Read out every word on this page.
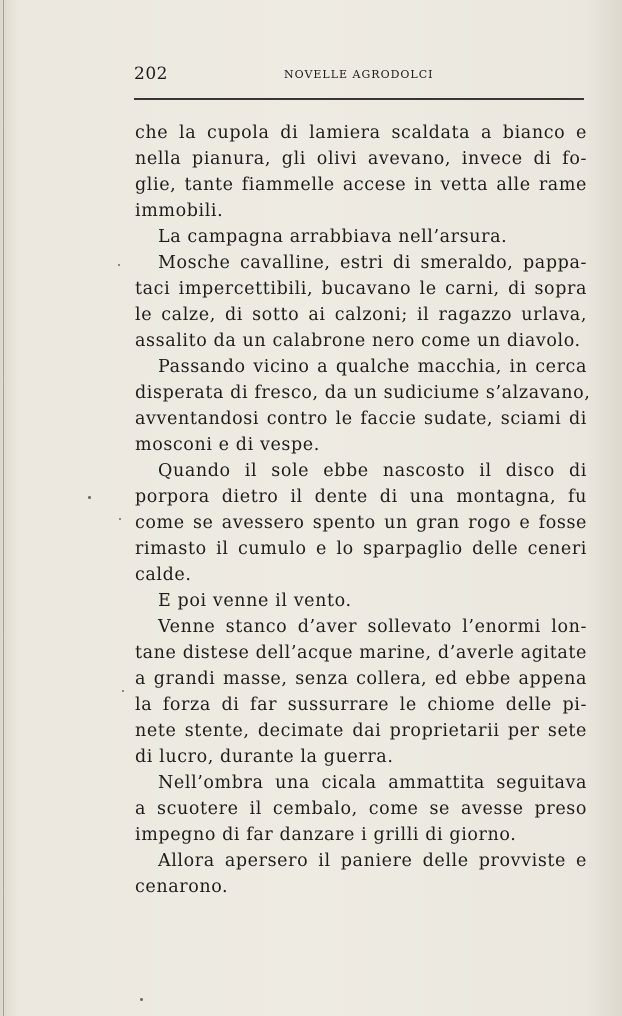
202	NOVELLE AGRODOLCI
che la cupola di lamiera scaldata a bianco e
nella pianura, gli olivi avevano, invece di fo-
glie, tante fiammelle accese in vetta alle rame
immobili.
La campagna arrabbiava nell’arsura.
Mosche cavalline, estri di smeraldo, pappa-
taci impercettibili, bucavano le carni, di sopra
le calze, di sotto ai calzoni; il ragazzo urlava,
assalito da un calabrone nero come un diavolo.
Passando vicino a qualche macchia, in cerca
disperata di fresco, da un sudiciume s’alzavano,
avventandosi contro le faccie sudate, sciami di
mosconi e di vespe.
Quando il sole ebbe nascosto il disco di
porpora dietro il dente di una montagna, fu
come se avessero spento un gran rogo e fosse
rimasto il cumulo e lo sparpaglio delle ceneri
calde.
E poi venne il vento.
Venne stanco d’aver sollevato l’enormi lon-
tane distese dell’acque marine, d’averle agitate
a grandi masse, senza collera, ed ebbe appena
la forza di far sussurrare le chiome delle pi-
nete stente, decimate dai proprietarii per sete
di lucro, durante la guerra.
Nell’ombra una cicala ammattita seguitava
a scuotere il cembalo, come se avesse preso
impegno di far danzare i grilli di giorno.
Allora apersero il paniere delle provviste e
cenarono.
